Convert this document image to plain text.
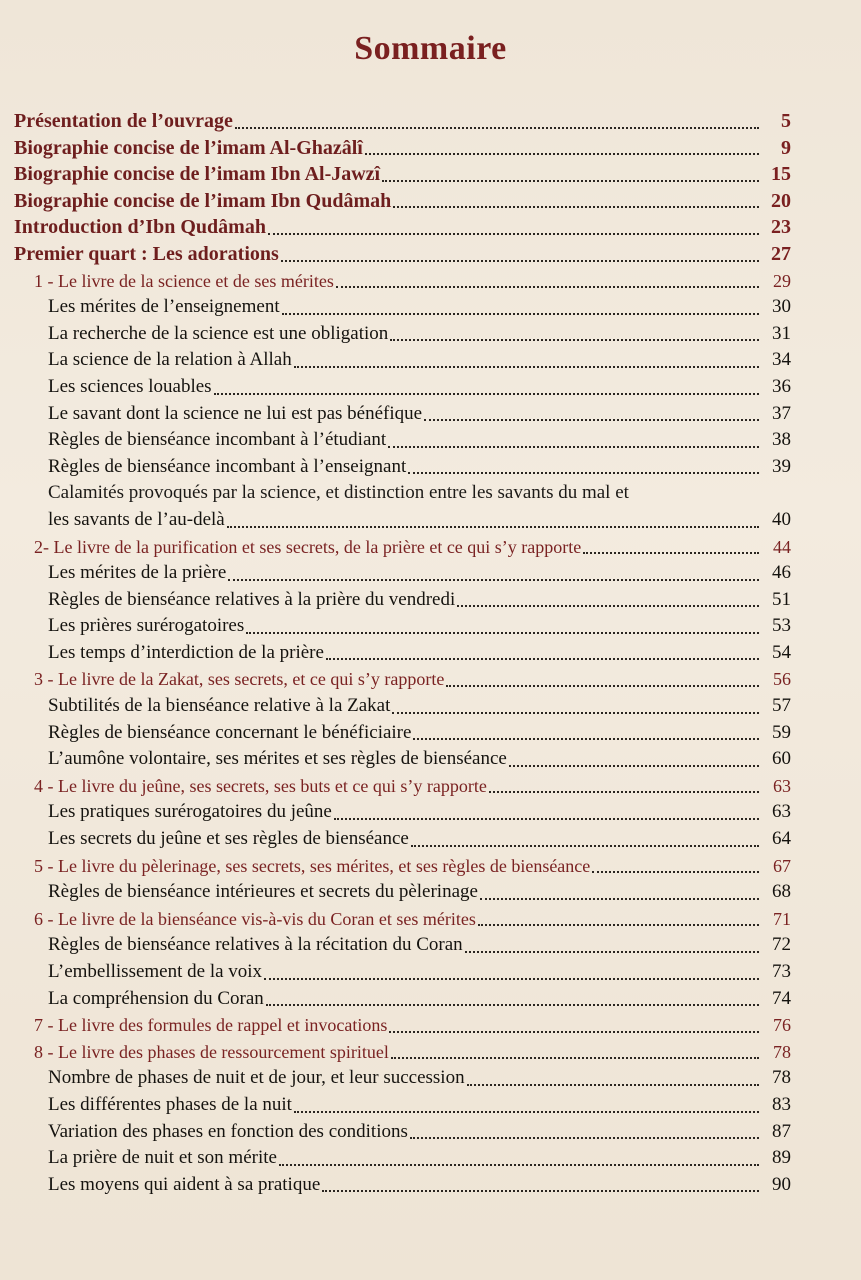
Sommaire
Présentation de l’ouvrage	5
Biographie concise de l’imam Al-Ghazâlî	9
Biographie concise de l’imam Ibn Al-Jawzî	15
Biographie concise de l’imam Ibn Qudâmah	20
Introduction d’Ibn Qudâmah	23
Premier quart : Les adorations	27
1 - Le livre de la science et de ses mérites	29
Les mérites de l’enseignement	30
La recherche de la science est une obligation	31
La science de la relation à Allah	34
Les sciences louables	36
Le savant dont la science ne lui est pas bénéfique	37
Règles de bienséance incombant à l’étudiant	38
Règles de bienséance incombant à l’enseignant	39
Calamités provoqués par la science, et distinction entre les savants du mal et
les savants de l’au-delà	40
2- Le livre de la purification et ses secrets, de la prière et ce qui s’y rapporte	44
Les mérites de la prière	46
Règles de bienséance relatives à la prière du vendredi	51
Les prières surérogatoires	53
Les temps d’interdiction de la prière	54
3 - Le livre de la Zakat, ses secrets, et ce qui s’y rapporte	56
Subtilités de la bienséance relative à la Zakat	57
Règles de bienséance concernant le bénéficiaire	59
L’aumône volontaire, ses mérites et ses règles de bienséance	60
4 - Le livre du jeûne, ses secrets, ses buts et ce qui s’y rapporte	63
Les pratiques surérogatoires du jeûne	63
Les secrets du jeûne et ses règles de bienséance	64
5 - Le livre du pèlerinage, ses secrets, ses mérites, et ses règles de bienséance	67
Règles de bienséance intérieures et secrets du pèlerinage	68
6 - Le livre de la bienséance vis-à-vis du Coran et ses mérites	71
Règles de bienséance relatives à la récitation du Coran	72
L’embellissement de la voix	73
La compréhension du Coran	74
7 - Le livre des formules de rappel et invocations	76
8 - Le livre des phases de ressourcement spirituel	78
Nombre de phases de nuit et de jour, et leur succession	78
Les différentes phases de la nuit	83
Variation des phases en fonction des conditions	87
La prière de nuit et son mérite	89
Les moyens qui aident à sa pratique	90
